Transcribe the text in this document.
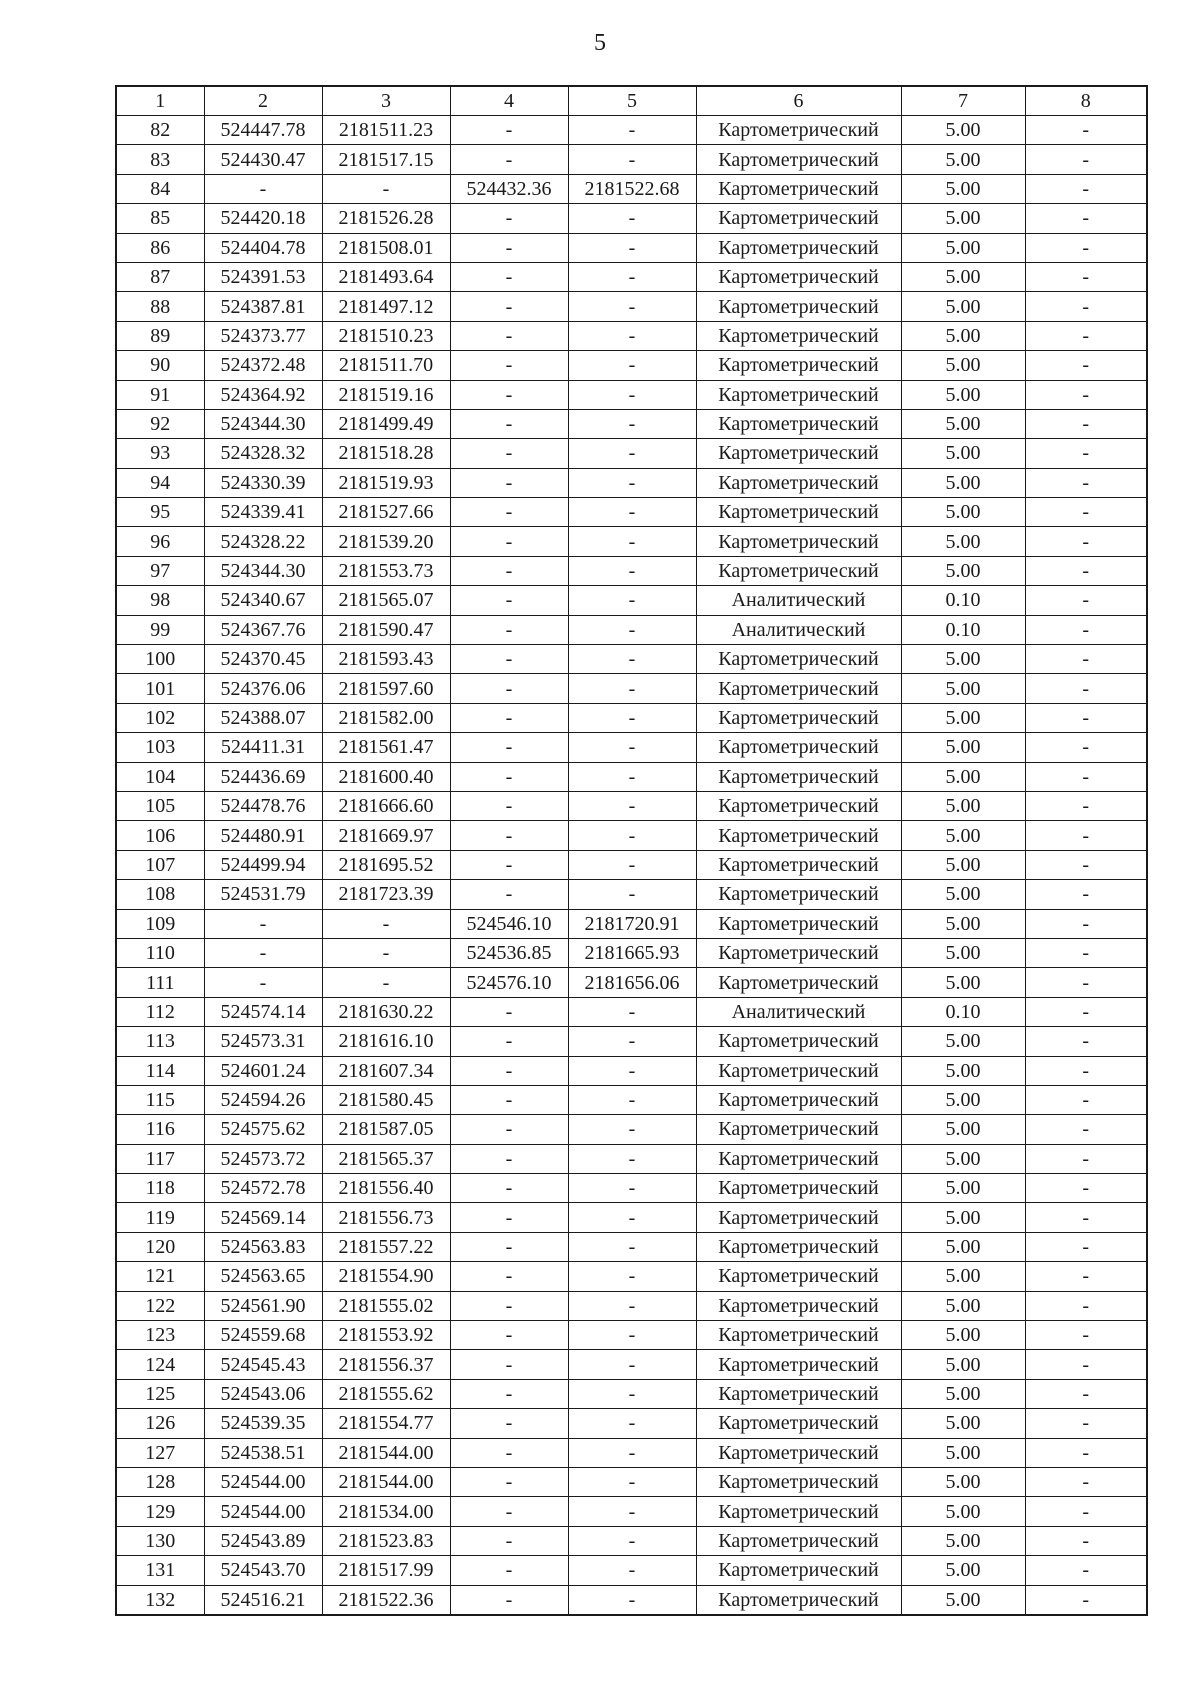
5
1	2	3	4	5	6	7	8
82	524447.78	2181511.23	-	-	Картометрический	5.00	-
83	524430.47	2181517.15	-	-	Картометрический	5.00	-
84	-	-	524432.36	2181522.68	Картометрический	5.00	-
85	524420.18	2181526.28	-	-	Картометрический	5.00	-
86	524404.78	2181508.01	-	-	Картометрический	5.00	-
87	524391.53	2181493.64	-	-	Картометрический	5.00	-
88	524387.81	2181497.12	-	-	Картометрический	5.00	-
89	524373.77	2181510.23	-	-	Картометрический	5.00	-
90	524372.48	2181511.70	-	-	Картометрический	5.00	-
91	524364.92	2181519.16	-	-	Картометрический	5.00	-
92	524344.30	2181499.49	-	-	Картометрический	5.00	-
93	524328.32	2181518.28	-	-	Картометрический	5.00	-
94	524330.39	2181519.93	-	-	Картометрический	5.00	-
95	524339.41	2181527.66	-	-	Картометрический	5.00	-
96	524328.22	2181539.20	-	-	Картометрический	5.00	-
97	524344.30	2181553.73	-	-	Картометрический	5.00	-
98	524340.67	2181565.07	-	-	Аналитический	0.10	-
99	524367.76	2181590.47	-	-	Аналитический	0.10	-
100	524370.45	2181593.43	-	-	Картометрический	5.00	-
101	524376.06	2181597.60	-	-	Картометрический	5.00	-
102	524388.07	2181582.00	-	-	Картометрический	5.00	-
103	524411.31	2181561.47	-	-	Картометрический	5.00	-
104	524436.69	2181600.40	-	-	Картометрический	5.00	-
105	524478.76	2181666.60	-	-	Картометрический	5.00	-
106	524480.91	2181669.97	-	-	Картометрический	5.00	-
107	524499.94	2181695.52	-	-	Картометрический	5.00	-
108	524531.79	2181723.39	-	-	Картометрический	5.00	-
109	-	-	524546.10	2181720.91	Картометрический	5.00	-
110	-	-	524536.85	2181665.93	Картометрический	5.00	-
111	-	-	524576.10	2181656.06	Картометрический	5.00	-
112	524574.14	2181630.22	-	-	Аналитический	0.10	-
113	524573.31	2181616.10	-	-	Картометрический	5.00	-
114	524601.24	2181607.34	-	-	Картометрический	5.00	-
115	524594.26	2181580.45	-	-	Картометрический	5.00	-
116	524575.62	2181587.05	-	-	Картометрический	5.00	-
117	524573.72	2181565.37	-	-	Картометрический	5.00	-
118	524572.78	2181556.40	-	-	Картометрический	5.00	-
119	524569.14	2181556.73	-	-	Картометрический	5.00	-
120	524563.83	2181557.22	-	-	Картометрический	5.00	-
121	524563.65	2181554.90	-	-	Картометрический	5.00	-
122	524561.90	2181555.02	-	-	Картометрический	5.00	-
123	524559.68	2181553.92	-	-	Картометрический	5.00	-
124	524545.43	2181556.37	-	-	Картометрический	5.00	-
125	524543.06	2181555.62	-	-	Картометрический	5.00	-
126	524539.35	2181554.77	-	-	Картометрический	5.00	-
127	524538.51	2181544.00	-	-	Картометрический	5.00	-
128	524544.00	2181544.00	-	-	Картометрический	5.00	-
129	524544.00	2181534.00	-	-	Картометрический	5.00	-
130	524543.89	2181523.83	-	-	Картометрический	5.00	-
131	524543.70	2181517.99	-	-	Картометрический	5.00	-
132	524516.21	2181522.36	-	-	Картометрический	5.00	-
